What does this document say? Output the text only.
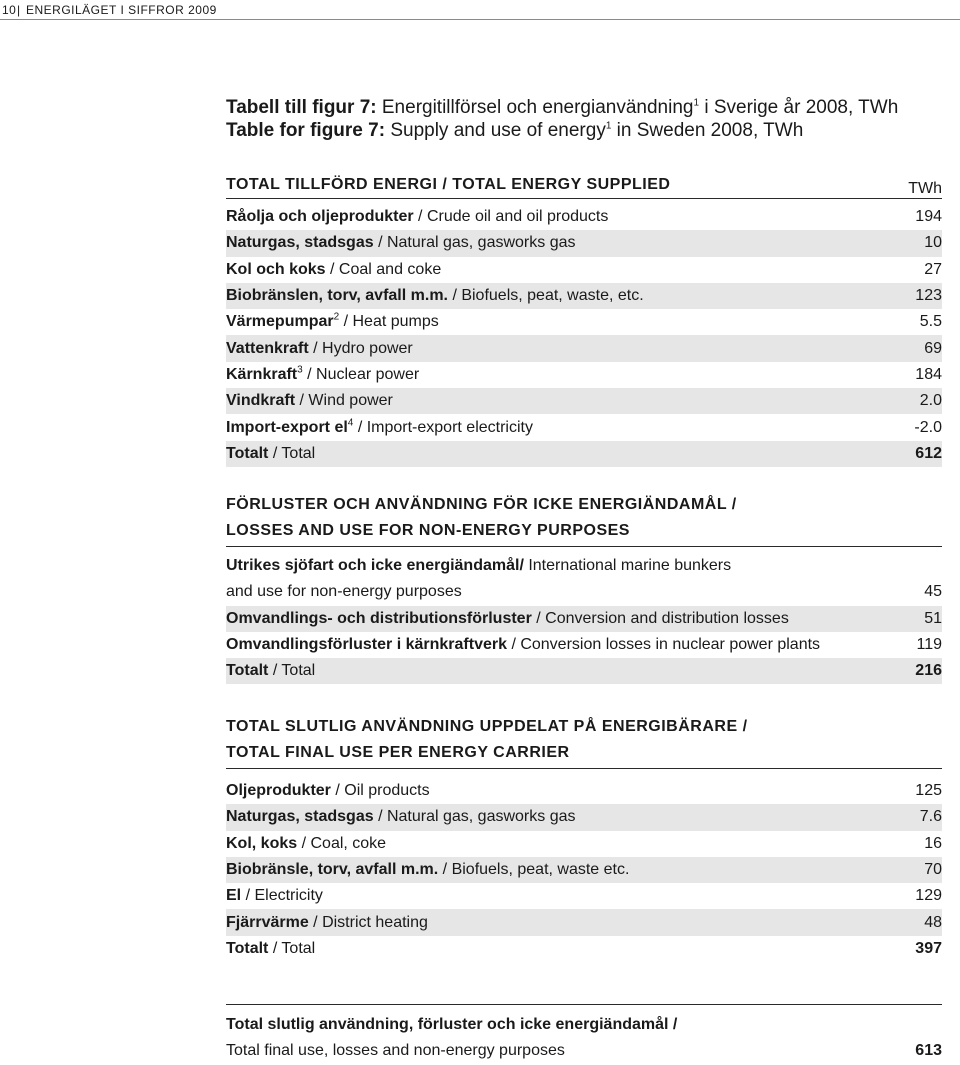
10 | ENERGILÄGET I SIFFROR 2009
Tabell till figur 7: Energitillförsel och energianvändning$^1$ i Sverige år 2008, TWh
Table for figure 7: Supply and use of energy$^1$ in Sweden 2008, TWh
TOTAL TILLFÖRD ENERGI / TOTAL ENERGY SUPPLIED	TWh
Råolja och oljeprodukter / Crude oil and oil products	194
Naturgas, stadsgas / Natural gas, gasworks gas	10
Kol och koks / Coal and coke	27
Biobränslen, torv, avfall m.m. / Biofuels, peat, waste, etc.	123
Värmepumpar$^2$ / Heat pumps	5.5
Vattenkraft / Hydro power	69
Kärnkraft$^3$ / Nuclear power	184
Vindkraft / Wind power	2.0
Import-export $el^4$ / Import-export electricity	-2.0
Totalt / Total	612
FÖRLUSTER OCH ANVÄNDNING FÖR ICKE ENERGIÄNDAMÅL /
LOSSES AND USE FOR NON-ENERGY PURPOSES
Utrikes sjöfart och icke energiändamål/ International marine bunkers
and use for non-energy purposes	45
Omvandlings- och distributionsförluster / Conversion and distribution losses	51
Omvandlingsförluster i kärnkraftverk / Conversion losses in nuclear power plants	119
Totalt / Total	216
TOTAL SLUTLIG ANVÄNDNING UPPDELAT PÅ ENERGIBÄRARE /
TOTAL FINAL USE PER ENERGY CARRIER
Oljeprodukter / Oil products	125
Naturgas, stadsgas / Natural gas, gasworks gas	7.6
Kol, koks / Coal, coke	16
Biobränsle, torv, avfall m.m. / Biofuels, peat, waste etc.	70
El / Electricity	129
Fjärrvärme / District heating	48
Totalt / Total	397
Total slutlig användning, förluster och icke energiändamål /
Total final use, losses and non-energy purposes	613
